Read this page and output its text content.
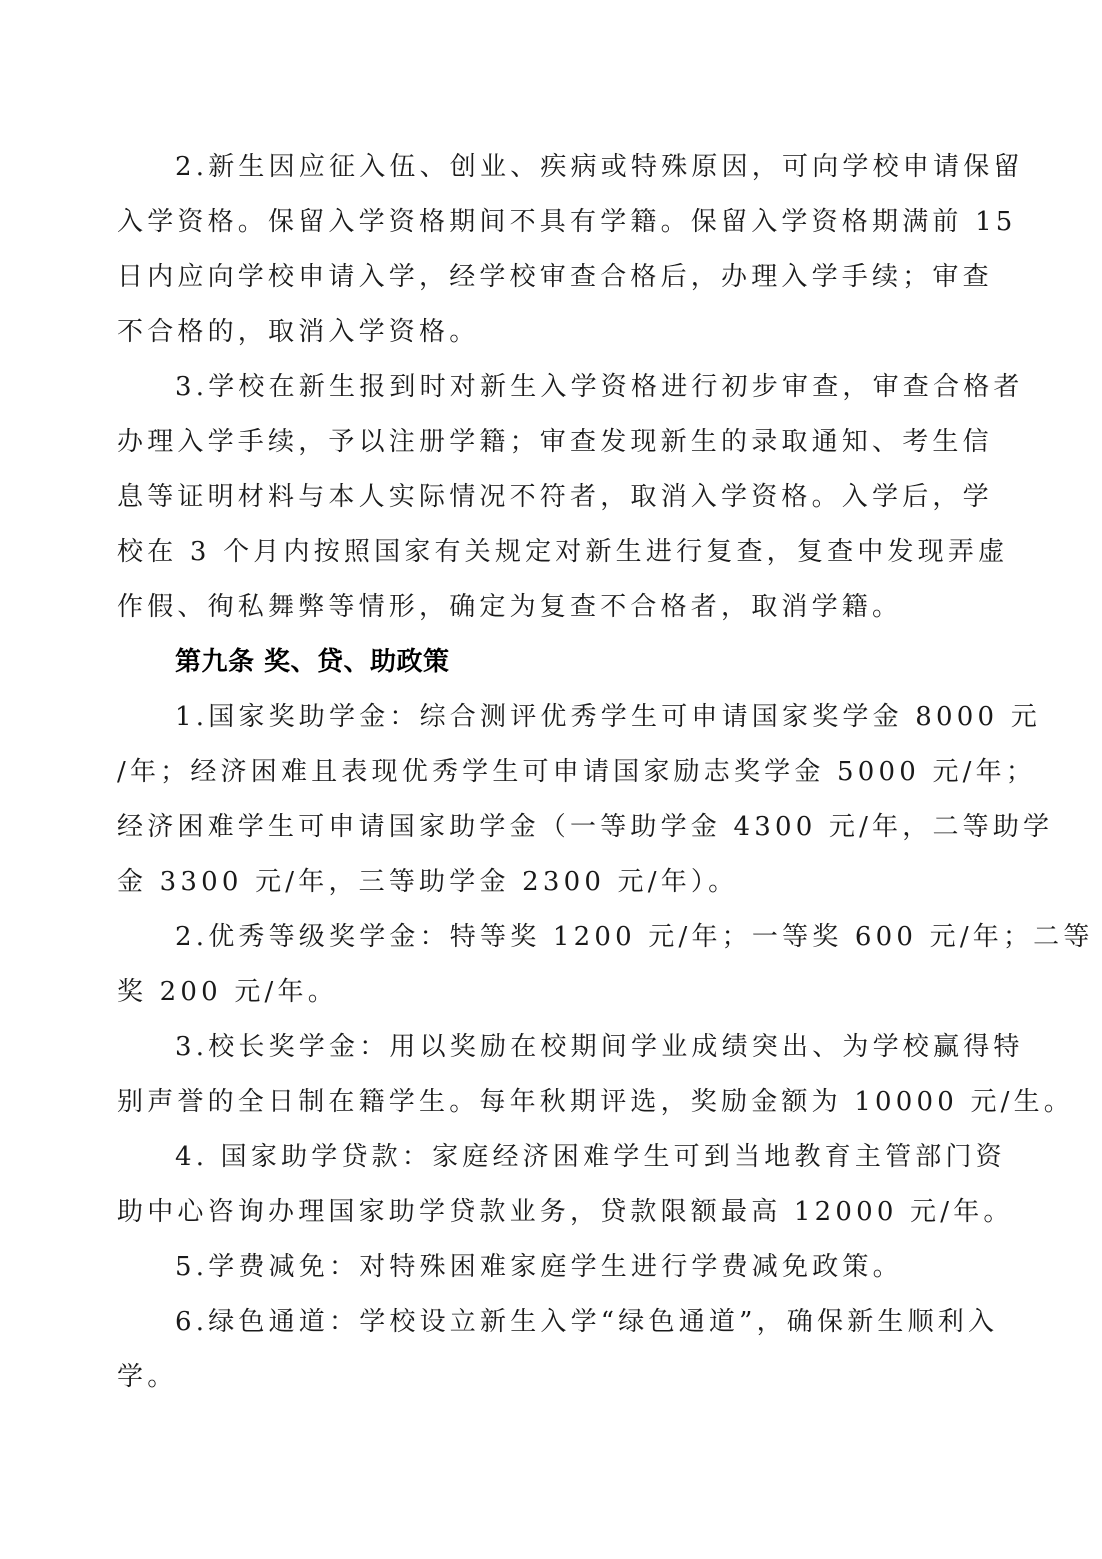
2.新生因应征入伍、创业、疾病或特殊原因，可向学校申请保留
入学资格。保留入学资格期间不具有学籍。保留入学资格期满前 15
日内应向学校申请入学，经学校审查合格后，办理入学手续；审查
不合格的，取消入学资格。
3.学校在新生报到时对新生入学资格进行初步审查，审查合格者
办理入学手续，予以注册学籍；审查发现新生的录取通知、考生信
息等证明材料与本人实际情况不符者，取消入学资格。入学后，学
校在 3 个月内按照国家有关规定对新生进行复查，复查中发现弄虚
作假、徇私舞弊等情形，确定为复查不合格者，取消学籍。
第九条 奖、贷、助政策
1.国家奖助学金：综合测评优秀学生可申请国家奖学金 8000 元
/年；经济困难且表现优秀学生可申请国家励志奖学金 5000 元/年；
经济困难学生可申请国家助学金（一等助学金 4300 元/年，二等助学
金 3300 元/年，三等助学金 2300 元/年）。
2.优秀等级奖学金：特等奖 1200 元/年；一等奖 600 元/年；二等
奖 200 元/年。
3.校长奖学金：用以奖励在校期间学业成绩突出、为学校赢得特
别声誉的全日制在籍学生。每年秋期评选，奖励金额为 10000 元/生。
4. 国家助学贷款：家庭经济困难学生可到当地教育主管部门资
助中心咨询办理国家助学贷款业务，贷款限额最高 12000 元/年。
5.学费减免：对特殊困难家庭学生进行学费减免政策。
6.绿色通道：学校设立新生入学“绿色通道”，确保新生顺利入
学。
